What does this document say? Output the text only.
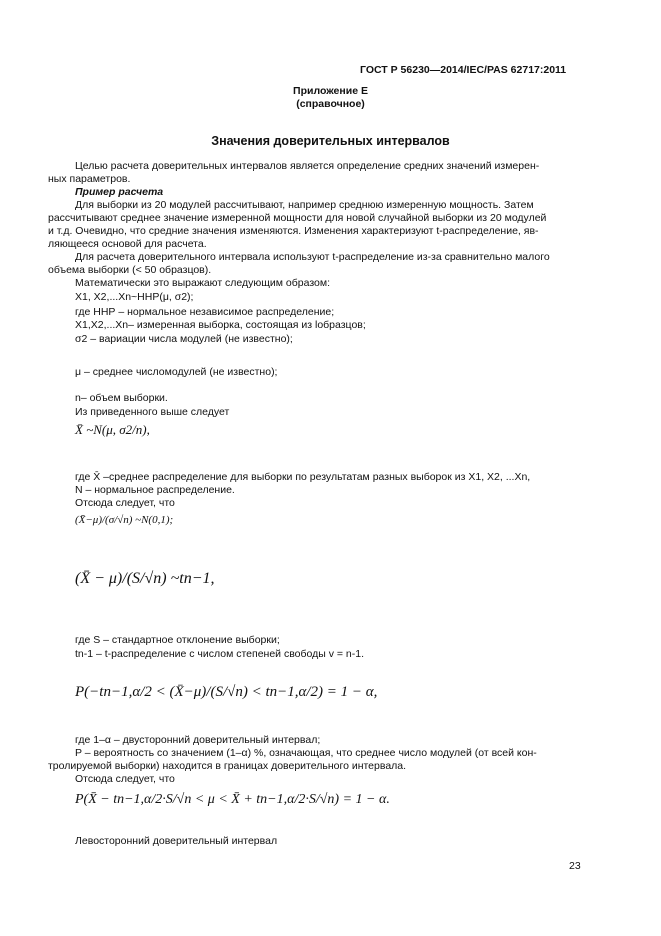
ГОСТ Р 56230—2014/IEC/PAS 62717:2011
Приложение Е
(справочное)
Значения доверительных интервалов
Целью расчета доверительных интервалов является определение средних значений измерен-
ных параметров.
Пример расчета
Для выборки из 20 модулей рассчитывают, например среднюю измеренную мощность. Затем
рассчитывают среднее значение измеренной мощности для новой случайной выборки из 20 модулей
и т.д. Очевидно, что средние значения изменяются. Изменения характеризуют t-распределение, яв-
ляющееся основой для расчета.
Для расчета доверительного интервала используют t-распределение из-за сравнительно малого
объема выборки (< 50 образцов).
Математически это выражают следующим образом:
X1, X2,...Xn~HHP(μ, σ2);
где ННР – нормальное независимое распределение;
X1,X2,...Xn– измеренная выборка, состоящая из lобразцов;
σ2 – вариации числа модулей (не известно);
μ – среднее числомодулей (не известно);
n– объем выборки.
Из приведенного выше следует
X̄ ~N(μ, σ2/n),
где X̄ –среднее распределение для выборки по результатам разных выборок из X1, X2, ...Xn,
N – нормальное распределение.
Отсюда следует, что
(X̄−μ)/(σ/√n) ~N(0,1);
(X̄ − μ)/(S/√n) ~tn−1,
где S – стандартное отклонение выборки;
tn-1 – t-распределение с числом степеней свободы v = n-1.
P(−tn−1,α/2 < (X̄−μ)/(S/√n) < tn−1,α/2) = 1 − α,
где 1–α – двусторонний доверительный интервал;
P – вероятность со значением (1–α) %, означающая, что среднее число модулей (от всей кон-
тролируемой выборки) находится в границах доверительного интервала.
Отсюда следует, что
P(X̄ − tn−1,α/2·S/√n < μ < X̄ + tn−1,α/2·S/√n) = 1 − α.
Левосторонний доверительный интервал
23
